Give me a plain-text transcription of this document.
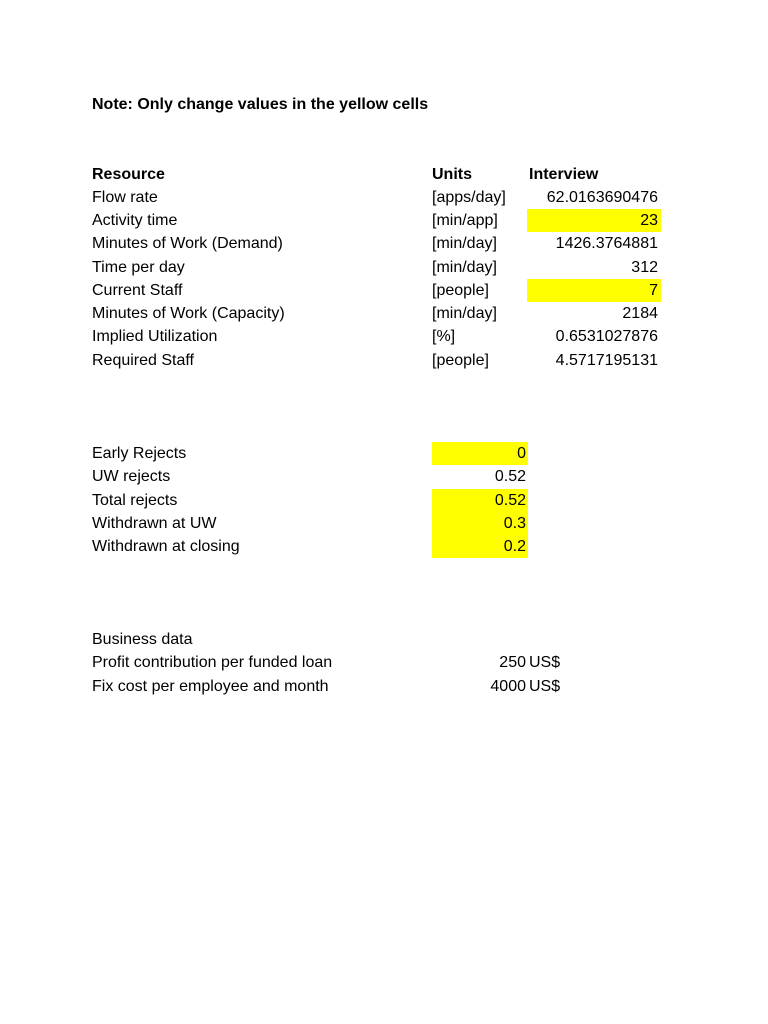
Note: Only change values in the yellow cells
Resource	Units	Interview
Flow rate	[apps/day]	62.0163690476
Activity time	[min/app]	23
Minutes of Work (Demand)	[min/day]	1426.3764881
Time per day	[min/day]	312
Current Staff	[people]	7
Minutes of Work (Capacity)	[min/day]	2184
Implied Utilization	[%]	0.6531027876
Required Staff	[people]	4.5717195131
Early Rejects	0
UW rejects	0.52
Total rejects	0.52
Withdrawn at UW	0.3
Withdrawn at closing	0.2
Business data
Profit contribution per funded loan	250 US$
Fix cost per employee and month	4000 US$
